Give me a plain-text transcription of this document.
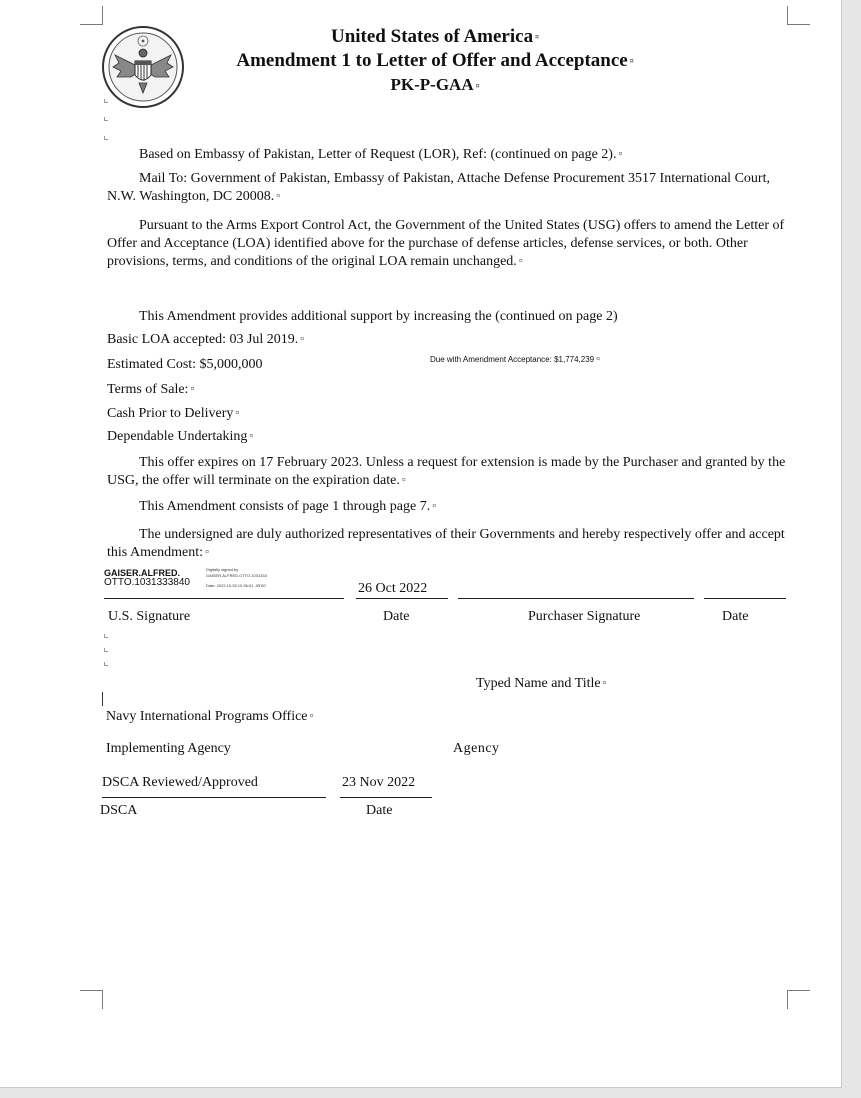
United States of America ¤
Amendment 1 to Letter of Offer and Acceptance ¤
PK-P-GAA ¤
Based on Embassy of Pakistan, Letter of Request (LOR), Ref: (continued on page 2). ¤
Mail To: Government of Pakistan, Embassy of Pakistan, Attache Defense Procurement 3517 International Court, N.W. Washington, DC 20008. ¤
Pursuant to the Arms Export Control Act, the Government of the United States (USG) offers to amend the Letter of Offer and Acceptance (LOA) identified above for the purchase of defense articles, defense services, or both. Other provisions, terms, and conditions of the original LOA remain unchanged. ¤
This Amendment provides additional support by increasing the (continued on page 2)
Basic LOA accepted: 03 Jul 2019. ¤
Estimated Cost: $5,000,000	Due with Amendment Acceptance: $1,774,239 ¤
Terms of Sale: ¤
Cash Prior to Delivery ¤
Dependable Undertaking ¤
This offer expires on 17 February 2023. Unless a request for extension is made by the Purchaser and granted by the USG, the offer will terminate on the expiration date. ¤
This Amendment consists of page 1 through page 7. ¤
The undersigned are duly authorized representatives of their Governments and hereby respectively offer and accept this Amendment: ¤
GAISER.ALFRED.
OTTO.1031333840
Digitally signed by
GAISER.ALFRED.OTTO.1031333
Date: 2022.10.26 10:36:01 -05'00'	26 Oct 2022
U.S. Signature	Date	Purchaser Signature	Date
Typed Name and Title ¤
Navy International Programs Office ¤
Implementing Agency	Agency
DSCA Reviewed/Approved	23 Nov 2022
DSCA	Date
